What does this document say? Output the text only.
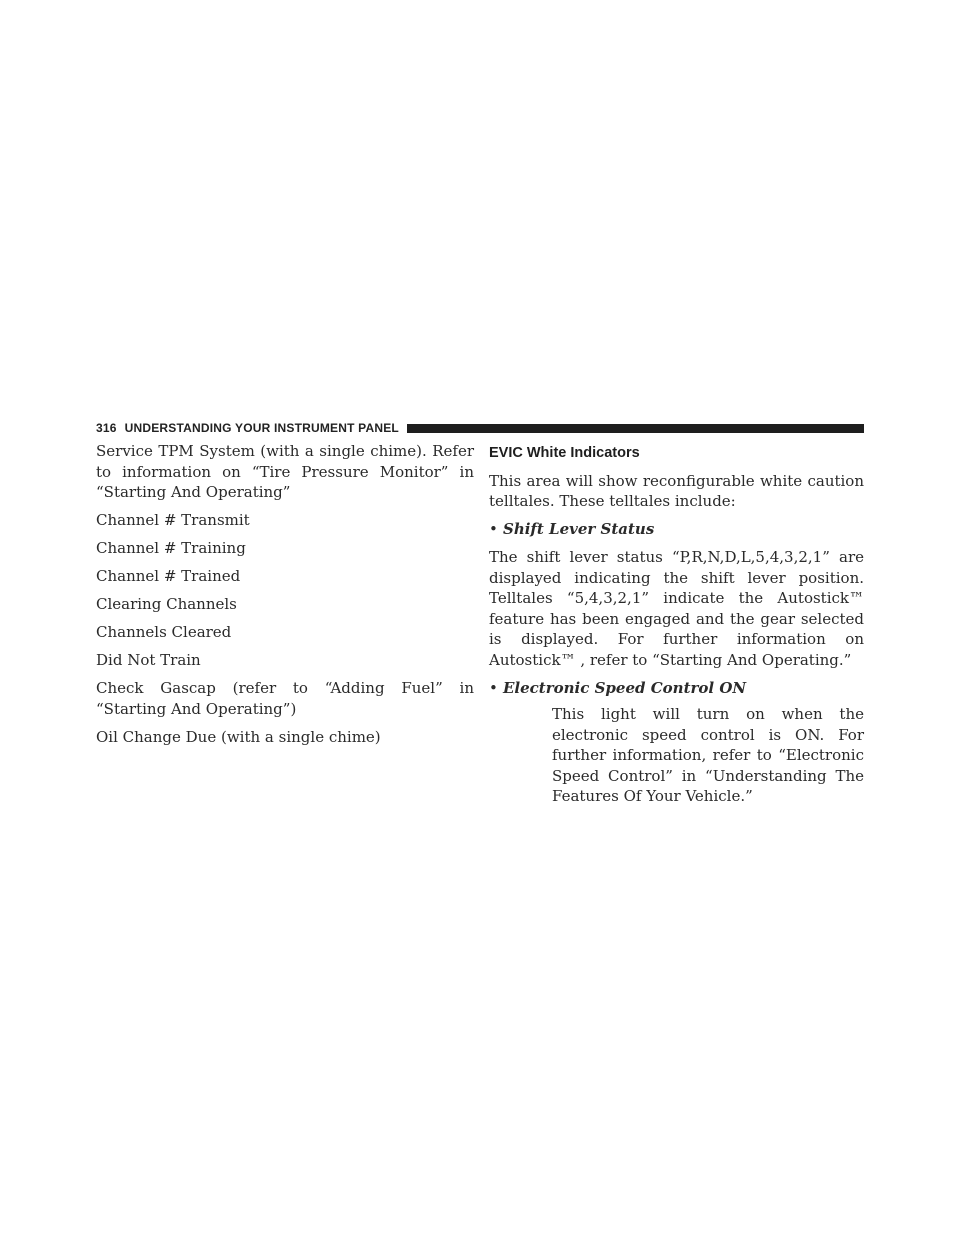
316 UNDERSTANDING YOUR INSTRUMENT PANEL

Service TPM System (with a single chime). Refer to information on “Tire Pressure Monitor” in “Starting And Operating”

Channel # Transmit

Channel # Training

Channel # Trained

Clearing Channels

Channels Cleared

Did Not Train

Check Gascap (refer to “Adding Fuel” in “Starting And Operating”)

Oil Change Due (with a single chime)

EVIC White Indicators

This area will show reconfigurable white caution telltales. These telltales include:

• Shift Lever Status

The shift lever status “P,R,N,D,L,5,4,3,2,1” are displayed indicating the shift lever position. Telltales “5,4,3,2,1” indicate the Autostick™ feature has been engaged and the gear selected is displayed. For further information on Autostick™ , refer to “Starting And Operating.”

• Electronic Speed Control ON

This light will turn on when the electronic speed control is ON. For further information, refer to “Electronic Speed Control” in “Understanding The Features Of Your Vehicle.”
